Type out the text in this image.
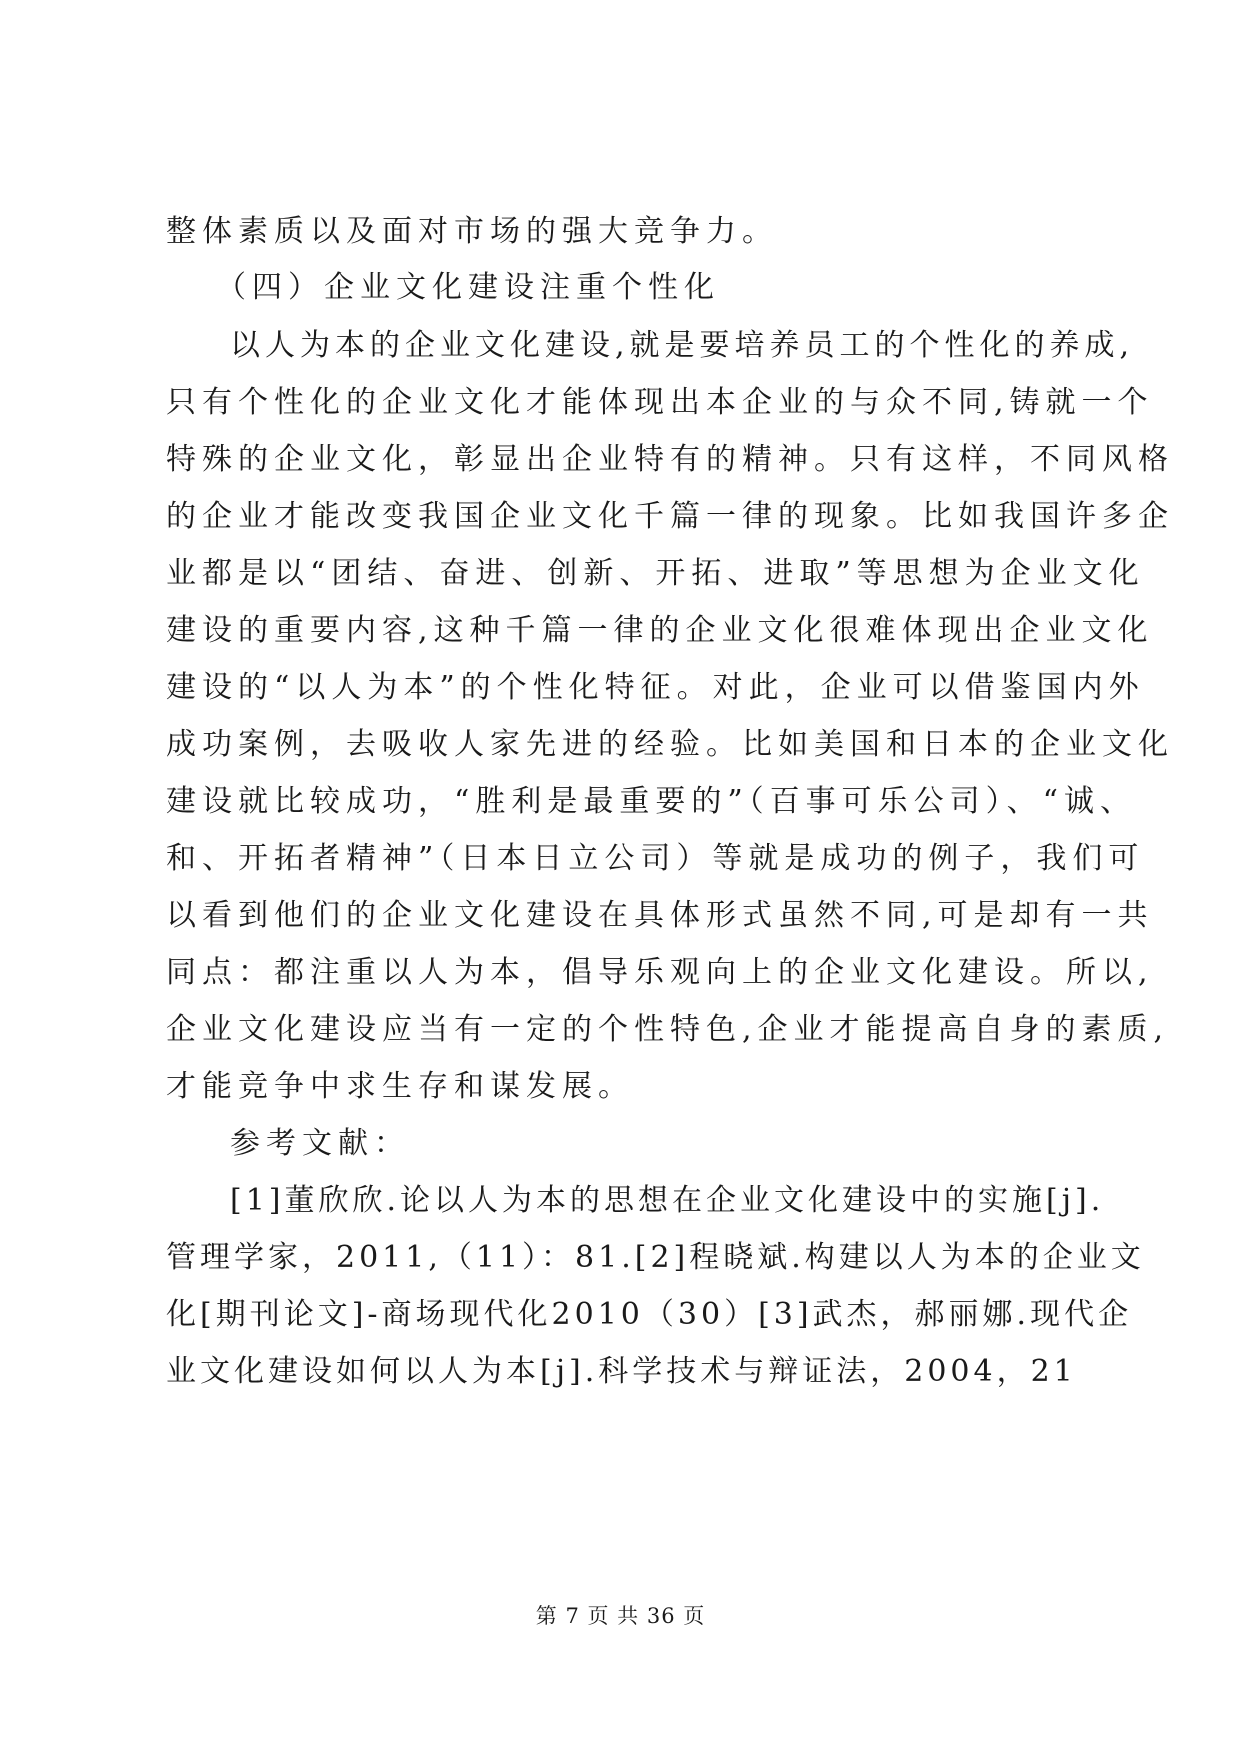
整体素质以及面对市场的强大竞争力。
（四）企业文化建设注重个性化
以人为本的企业文化建设,就是要培养员工的个性化的养成,
只有个性化的企业文化才能体现出本企业的与众不同,铸就一个
特殊的企业文化，彰显出企业特有的精神。只有这样，不同风格
的企业才能改变我国企业文化千篇一律的现象。比如我国许多企
业都是以“团结、奋进、创新、开拓、进取”等思想为企业文化
建设的重要内容,这种千篇一律的企业文化很难体现出企业文化
建设的“以人为本”的个性化特征。对此，企业可以借鉴国内外
成功案例，去吸收人家先进的经验。比如美国和日本的企业文化
建设就比较成功，“胜利是最重要的”（百事可乐公司）、“诚、
和、开拓者精神”（日本日立公司）等就是成功的例子，我们可
以看到他们的企业文化建设在具体形式虽然不同,可是却有一共
同点：都注重以人为本，倡导乐观向上的企业文化建设。所以,
企业文化建设应当有一定的个性特色,企业才能提高自身的素质,
才能竞争中求生存和谋发展。
参考文献：
[1]董欣欣.论以人为本的思想在企业文化建设中的实施[j].
管理学家，2011,（11）：81.[2]程晓斌.构建以人为本的企业文
化[期刊论文]-商场现代化2010（30）[3]武杰，郝丽娜.现代企
业文化建设如何以人为本[j].科学技术与辩证法，2004，21
第 7 页 共 36 页
